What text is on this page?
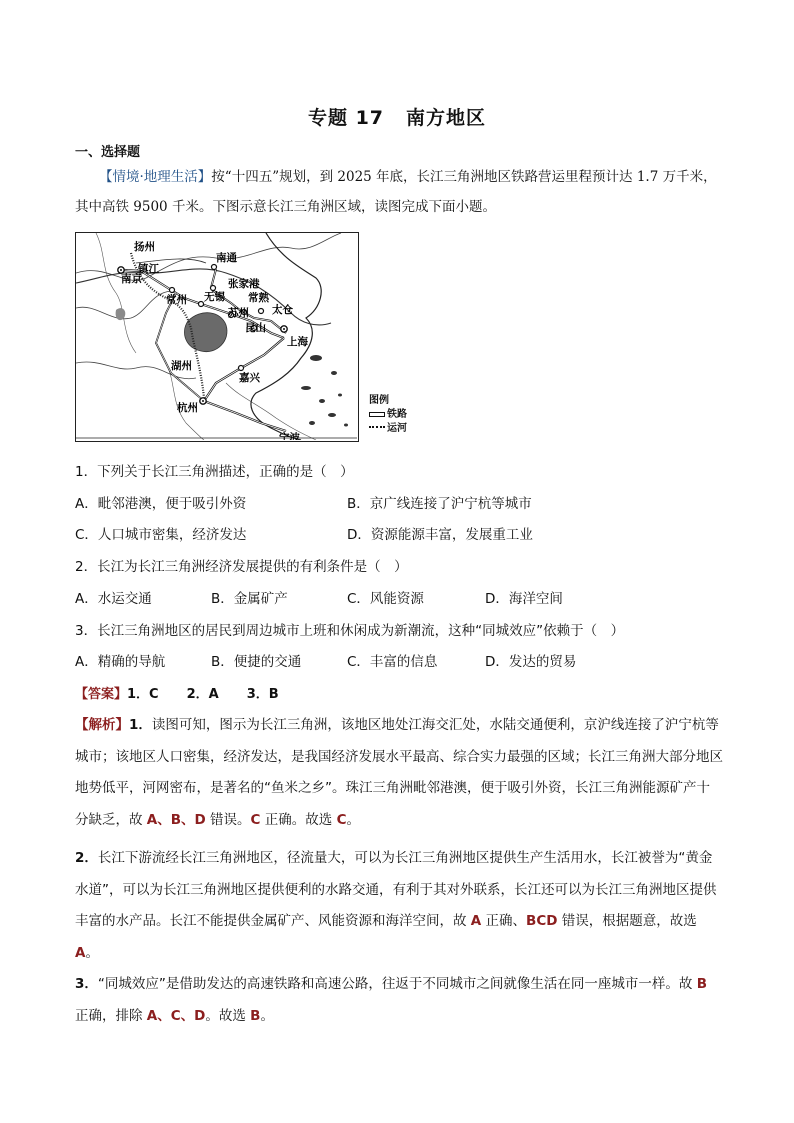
专题 17 南方地区
一、选择题
【情境·地理生活】按“十四五”规划，到 2025 年底，长江三角洲地区铁路营运里程预计达 1.7 万千米，其中高铁 9500 千米。下图示意长江三角洲区域，读图完成下面小题。
扬州
镇江
南京
南通
张家港
常州 无锡 常熟
苏州 太仓
昆山
上海
湖州
嘉兴
杭州
宁波
图例
铁路
运河
1．下列关于长江三角洲描述，正确的是（　）
A．毗邻港澳，便于吸引外资	B．京广线连接了沪宁杭等城市
C．人口城市密集，经济发达	D．资源能源丰富，发展重工业
2．长江为长江三角洲经济发展提供的有利条件是（　）
A．水运交通	B．金属矿产	C．风能资源	D．海洋空间
3．长江三角洲地区的居民到周边城市上班和休闲成为新潮流，这种“同城效应”依赖于（　）
A．精确的导航	B．便捷的交通	C．丰富的信息	D．发达的贸易
【答案】1．C 2．A 3．B
【解析】1．读图可知，图示为长江三角洲，该地区地处江海交汇处，水陆交通便利，京沪线连接了沪宁杭等城市；该地区人口密集，经济发达，是我国经济发展水平最高、综合实力最强的区域；长江三角洲大部分地区地势低平，河网密布，是著名的“鱼米之乡”。珠江三角洲毗邻港澳，便于吸引外资，长江三角洲能源矿产十分缺乏，故 A、B、D 错误。C 正确。故选 C。
2．长江下游流经长江三角洲地区，径流量大，可以为长江三角洲地区提供生产生活用水，长江被誉为“黄金水道”，可以为长江三角洲地区提供便利的水路交通，有利于其对外联系，长江还可以为长江三角洲地区提供丰富的水产品。长江不能提供金属矿产、风能资源和海洋空间，故 A 正确、BCD 错误，根据题意，故选 A。
3．“同城效应”是借助发达的高速铁路和高速公路，往返于不同城市之间就像生活在同一座城市一样。故 B 正确，排除 A、C、D。故选 B。
